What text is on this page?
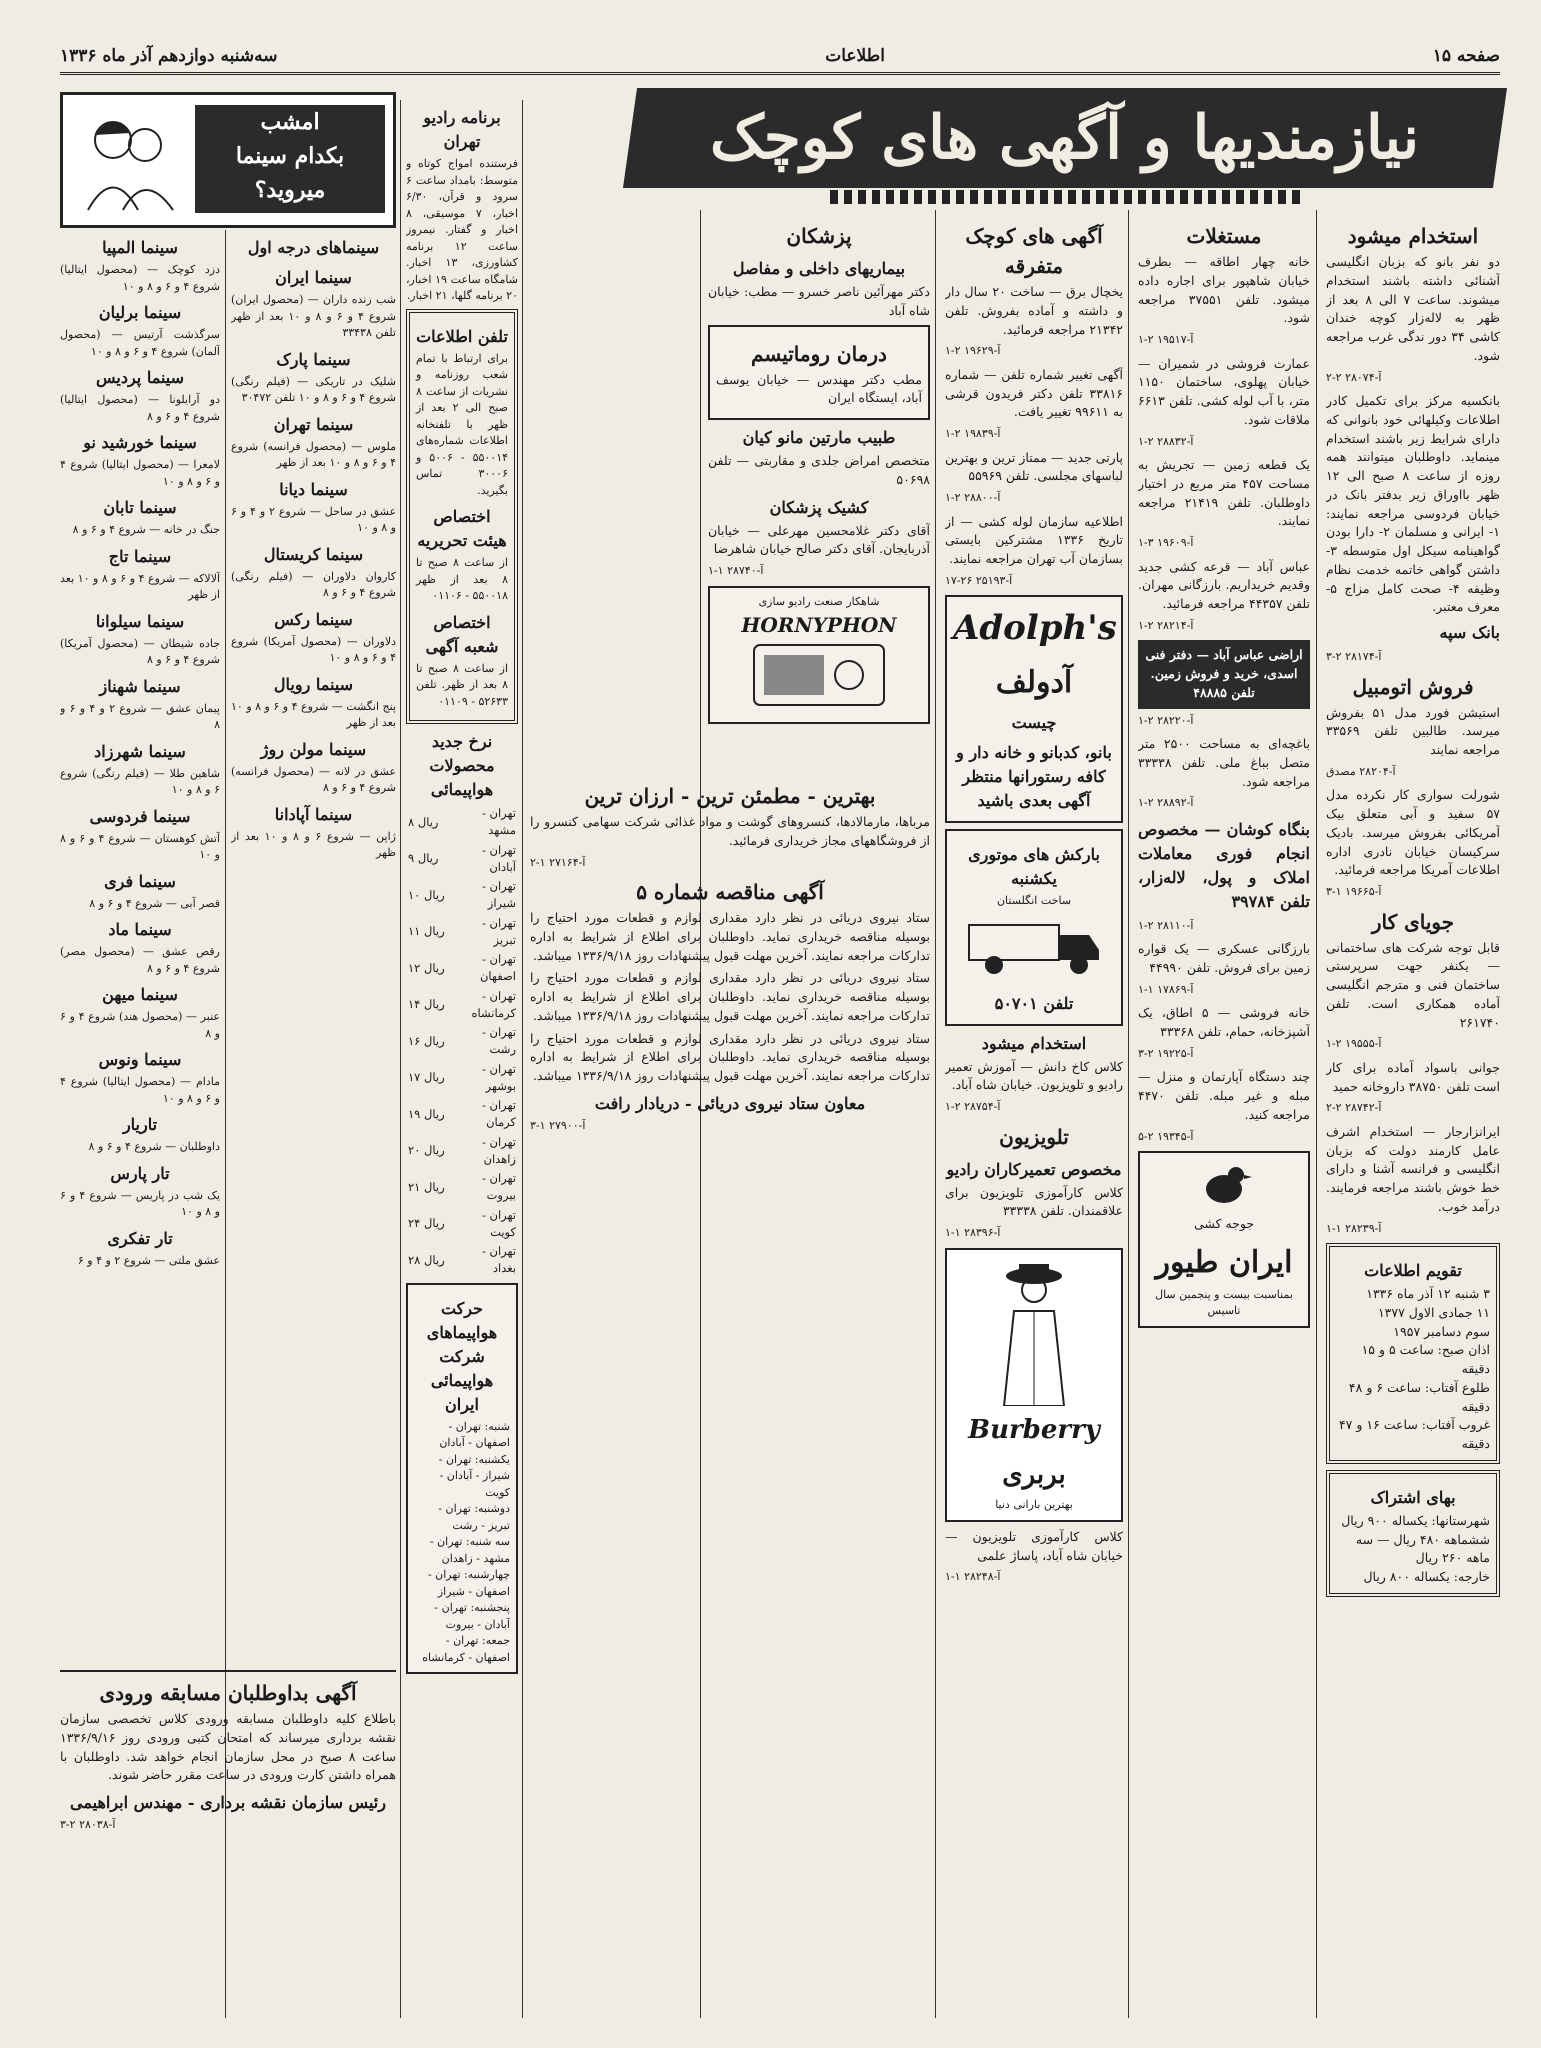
صفحه ۱۵
اطلاعات
سه‌شنبه دوازدهم آذر ماه ۱۳۳۶
نیازمندیها و آگهی های کوچک
امشب
بکدام سینما
میروید؟
استخدام میشود

دو نفر بانو که بزبان انگلیسی آشنائی داشته باشند استخدام میشوند. ساعت ۷ الی ۸ بعد از ظهر به لاله‌زار کوچه خندان کاشی ۳۴ دور ندگی غرب مراجعه شود.

آ-۲۸۰۷۴ ۲-۲

بانکسیه مرکز برای تکمیل کادر اطلاعات وکیلهائی خود بانوانی که دارای شرایط زیر باشند استخدام مینماید. داوطلبان میتوانند همه روزه از ساعت ۸ صبح الی ۱۲ ظهر بااوراق زیر بدفتر بانک در خیابان فردوسی مراجعه نمایند: ۱- ایرانی و مسلمان ۲- دارا بودن گواهینامه سیکل اول متوسطه ۳- داشتن گواهی خاتمه خدمت نظام وظیفه ۴- صحت کامل مزاج ۵- معرف معتبر.

بانک سپه

آ-۲۸۱۷۴ ۲-۳
فروش اتومبیل

استیشن فورد مدل ۵۱ بفروش میرسد. طالبین تلفن ۳۳۵۶۹ مراجعه نمایند

آ-۲۸۲۰۴ مصدق

شورلت سواری کار نکرده مدل ۵۷ سفید و آبی متعلق بیک آمریکائی بفروش میرسد. بادیک سرکیسان خیابان نادری اداره اطلاعات آمریکا مراجعه فرمائید.

آ-۱۹۶۶۵ ۱-۳
جویای کار

قابل توجه شرکت های ساختمانی — یکنفر جهت سرپرستی ساختمان فنی و مترجم انگلیسی آماده همکاری است. تلفن ۲۶۱۷۴۰

آ-۱۹۵۵۵ ۲-۱

جوانی باسواد آماده برای کار است تلفن ۳۸۷۵۰ داروخانه حمید

آ-۲۸۷۴۲ ۲-۲

ایرانزارجار — استخدام اشرف عامل کارمند دولت که بزبان انگلیسی و فرانسه آشنا و دارای خط خوش باشند مراجعه فرمایند. درآمد خوب.

آ-۲۸۲۳۹ ۱-۱
تقویم اطلاعات
۳ شنبه ۱۲ آذر ماه ۱۳۳۶
۱۱ جمادی الاول ۱۳۷۷
سوم دسامبر ۱۹۵۷
اذان صبح: ساعت ۵ و ۱۵ دقیقه
طلوع آفتاب: ساعت ۶ و ۴۸ دقیقه
غروب آفتاب: ساعت ۱۶ و ۴۷ دقیقه
بهای اشتراک
شهرستانها: یکساله ۹۰۰ ریال
ششماهه ۴۸۰ ریال — سه ماهه ۲۶۰ ریال
خارجه: یکساله ۸۰۰ ریال
مستغلات

خانه چهار اطاقه — بطرف خیابان شاهپور برای اجاره داده میشود. تلفن ۳۷۵۵۱ مراجعه شود.

آ-۱۹۵۱۷ ۲-۱

عمارت فروشی در شمیران — خیابان پهلوی، ساختمان ۱۱۵۰ متر، با آب لوله کشی. تلفن ۶۶۱۳ ملاقات شود.

آ-۲۸۸۳۲ ۲-۱

یک قطعه زمین — تجریش به مساحت ۴۵۷ متر مربع در اختیار داوطلبان. تلفن ۲۱۴۱۹ مراجعه نمایند.

آ-۱۹۶۰۹ ۳-۱

عباس آباد — قرعه کشی جدید وقدیم خریداریم. بارزگانی مهران. تلفن ۴۴۳۵۷ مراجعه فرمائید.

آ-۲۸۲۱۴ ۲-۱
اراضی عباس آباد — دفتر فنی اسدی، خرید و فروش زمین. تلفن ۴۸۸۸۵
آ-۲۸۲۲۰ ۲-۱

باغچه‌ای به مساحت ۲۵۰۰ متر متصل بباغ ملی. تلفن ۳۳۳۳۸ مراجعه شود.

آ-۲۸۸۹۲ ۲-۱

بنگاه کوشان — مخصوص انجام فوری معاملات املاک و پول، لاله‌زار، تلفن ۳۹۷۸۴

آ-۲۸۱۱۰ ۲-۱

بارزگانی عسکری — یک قواره زمین برای فروش. تلفن ۴۴۹۹۰

آ-۱۷۸۶۹ ۱-۱

خانه فروشی — ۵ اطاق، یک آشپزخانه، حمام، تلفن ۳۳۳۶۸

آ-۱۹۲۲۵ ۲-۳

چند دستگاه آپارتمان و منزل — مبله و غیر مبله. تلفن ۴۴۷۰ مراجعه کنید.

آ-۱۹۳۴۵ ۲-۵
جوجه کشی
ایران طیور
بمناسبت بیست و پنجمین سال تاسیس
آگهی های کوچک متفرقه

یخچال برق — ساخت ۲۰ سال دار و داشته و آماده بفروش. تلفن ۲۱۳۴۲ مراجعه فرمائید.

آ-۱۹۶۲۹ ۲-۱

آگهی تغییر شماره تلفن — شماره ۳۳۸۱۶ تلفن دکتر فریدون قرشی به ۹۹۶۱۱ تغییر یافت.

آ-۱۹۸۳۹ ۲-۱

پارتی جدید — ممتاز ترین و بهترین لباسهای مجلسی. تلفن ۵۵۹۶۹

آ-۲۸۸۰۰ ۲-۱

اطلاعیه سازمان لوله کشی — از تاریخ ۱۳۳۶ مشترکین بایستی بسازمان آب تهران مراجعه نمایند.

آ-۲۵۱۹۳ ۲۶-۱۷
Adolph's
آدولف
چیست
بانو، کدبانو و خانه دار و کافه رستورانها منتظر آگهی بعدی باشید
بارکش های موتوری یکشنبه
ساخت انگلستان
تلفن ۵۰۷۰۱
استخدام میشود

کلاس کاخ دانش — آموزش تعمیر رادیو و تلویزیون. خیابان شاه آباد.

آ-۲۸۷۵۴ ۲-۱
تلویزیون
مخصوص تعمیرکاران رادیو

کلاس کارآموزی تلویزیون برای علاقمندان. تلفن ۳۳۳۳۸

آ-۲۸۳۹۶ ۱-۱
Burberry
بربری
بهترین بارانی دنیا

کلاس کارآموزی تلویزیون — خیابان شاه آباد، پاساژ علمی

آ-۲۸۲۴۸ ۱-۱
پزشکان
بیماریهای داخلی و مفاصل

دکتر مهرآئین ناصر خسرو — مطب: خیابان شاه آباد

درمان روماتیسم

مطب دکتر مهندس — خیابان یوسف آباد، ایستگاه ایران

طبیب مارتین مانو کیان

متخصص امراض جلدی و مقاربتی — تلفن ۵۰۶۹۸

کشیک پزشکان

آقای دکتر غلامحسین مهرعلی — خیابان آذربایجان. آقای دکتر صالح خیابان شاهرضا

آ-۲۸۷۴۰ ۱-۱
شاهکار صنعت رادیو سازی
HORNYPHON
بهترین - مطمئن ترین - ارزان ترین

مرباها، مارمالادها، کنسروهای گوشت و مواد غذائی شرکت سهامی کنسرو را از فروشگاههای مجاز خریداری فرمائید.

آ-۲۷۱۶۴ ۱-۲
آگهی مناقصه شماره ۵

ستاد نیروی دریائی در نظر دارد مقداری لوازم و قطعات مورد احتیاج را بوسیله مناقصه خریداری نماید. داوطلبان برای اطلاع از شرایط به اداره تدارکات مراجعه نمایند. آخرین مهلت قبول پیشنهادات روز ۱۳۳۶/۹/۱۸ میباشد.

ستاد نیروی دریائی در نظر دارد مقداری لوازم و قطعات مورد احتیاج را بوسیله مناقصه خریداری نماید. داوطلبان برای اطلاع از شرایط به اداره تدارکات مراجعه نمایند. آخرین مهلت قبول پیشنهادات روز ۱۳۳۶/۹/۱۸ میباشد.

ستاد نیروی دریائی در نظر دارد مقداری لوازم و قطعات مورد احتیاج را بوسیله مناقصه خریداری نماید. داوطلبان برای اطلاع از شرایط به اداره تدارکات مراجعه نمایند. آخرین مهلت قبول پیشنهادات روز ۱۳۳۶/۹/۱۸ میباشد.

معاون ستاد نیروی دریائی - دریادار رافت
آ-۲۷۹۰۰ ۱-۳
برنامه رادیو تهران

فرستنده امواج کوتاه و متوسط: بامداد ساعت ۶ سرود و قرآن، ۶/۳۰ اخبار، ۷ موسیقی، ۸ اخبار و گفتار. نیمروز ساعت ۱۲ برنامه کشاورزی، ۱۳ اخبار. شامگاه ساعت ۱۹ اخبار، ۲۰ برنامه گلها، ۲۱ اخبار.

تلفن اطلاعات

برای ارتباط با تمام شعب روزنامه و نشریات از ساعت ۸ صبح الی ۲ بعد از ظهر با تلفنخانه اطلاعات شماره‌های ۵۵۰۰۱۴ - ۵۰۰۶ و ۳۰۰۰۶ تماس بگیرید.

اختصاص هیئت تحریریه

از ساعت ۸ صبح تا ۸ بعد از ظهر ۵۵۰۰۱۸ - ۰۱۱۰۶

اختصاص شعبه آگهی

از ساعت ۸ صبح تا ۸ بعد از ظهر. تلفن ۵۲۶۳۳ - ۰۱۱۰۹

نرخ جدید محصولات هواپیمائی
تهران - مشهد	۸ ریال
تهران - آبادان	۹ ریال
تهران - شیراز	۱۰ ریال
تهران - تبریز	۱۱ ریال
تهران - اصفهان	۱۲ ریال
تهران - کرمانشاه	۱۴ ریال
تهران - رشت	۱۶ ریال
تهران - بوشهر	۱۷ ریال
تهران - کرمان	۱۹ ریال
تهران - زاهدان	۲۰ ریال
تهران - بیروت	۲۱ ریال
تهران - کویت	۲۴ ریال
تهران - بغداد	۲۸ ریال
حرکت هواپیماهای شرکت هواپیمائی ایران
شنبه: تهران - اصفهان - آبادان
یکشنبه: تهران - شیراز - آبادان - کویت
دوشنبه: تهران - تبریز - رشت
سه شنبه: تهران - مشهد - زاهدان
چهارشنبه: تهران - اصفهان - شیراز
پنجشنبه: تهران - آبادان - بیروت
جمعه: تهران - اصفهان - کرمانشاه
سینماهای درجه اول
سینما ایران

شب زنده داران — (محصول ایران) شروع ۴ و ۶ و ۸ و ۱۰ بعد از ظهر تلفن ۳۳۴۳۸

سینما پارک

شلیک در تاریکی — (فیلم رنگی) شروع ۴ و ۶ و ۸ و ۱۰ تلفن ۳۰۴۷۲

سینما تهران

ملوس — (محصول فرانسه) شروع ۴ و ۶ و ۸ و ۱۰ بعد از ظهر

سینما دیانا

عشق در ساحل — شروع ۲ و ۴ و ۶ و ۸ و ۱۰

سینما کریستال

کاروان دلاوران — (فیلم رنگی) شروع ۴ و ۶ و ۸

سینما رکس

دلاوران — (محصول آمریکا) شروع ۴ و ۶ و ۸ و ۱۰

سینما رویال

پنج انگشت — شروع ۴ و ۶ و ۸ و ۱۰ بعد از ظهر

سینما مولن روژ

عشق در لانه — (محصول فرانسه) شروع ۴ و ۶ و ۸

سینما آپادانا

ژاپن — شروع ۶ و ۸ و ۱۰ بعد از ظهر

سینما المپیا

دزد کوچک — (محصول ایتالیا) شروع ۴ و ۶ و ۸ و ۱۰

سینما برلیان

سرگذشت آرتیس — (محصول آلمان) شروع ۴ و ۶ و ۸ و ۱۰

سینما پردیس

دو آرایلونا — (محصول ایتالیا) شروع ۴ و ۶ و ۸

سینما خورشید نو

لامعرا — (محصول ایتالیا) شروع ۴ و ۶ و ۸ و ۱۰

سینما تابان

جنگ در خانه — شروع ۴ و ۶ و ۸

سینما تاج

آلالاکه — شروع ۴ و ۶ و ۸ و ۱۰ بعد از ظهر

سینما سیلوانا

جاده شیطان — (محصول آمریکا) شروع ۴ و ۶ و ۸

سینما شهناز

پیمان عشق — شروع ۲ و ۴ و ۶ و ۸

سینما شهرزاد

شاهین طلا — (فیلم رنگی) شروع ۶ و ۸ و ۱۰

سینما فردوسی

آتش کوهستان — شروع ۴ و ۶ و ۸ و ۱۰

سینما فری

قصر آبی — شروع ۴ و ۶ و ۸

سینما ماد

رقص عشق — (محصول مصر) شروع ۴ و ۶ و ۸

سینما میهن

عنبر — (محصول هند) شروع ۴ و ۶ و ۸

سینما ونوس

مادام — (محصول ایتالیا) شروع ۴ و ۶ و ۸ و ۱۰

تاریار

داوطلبان — شروع ۴ و ۶ و ۸

تار پارس

یک شب در پاریس — شروع ۴ و ۶ و ۸ و ۱۰

تار تفکری

عشق ملتی — شروع ۲ و ۴ و ۶

آگهی بداوطلبان مسابقه ورودی

باطلاع کلیه داوطلبان مسابقه ورودی کلاس تخصصی سازمان نقشه برداری میرساند که امتحان کتبی ورودی روز ۱۳۳۶/۹/۱۶ ساعت ۸ صبح در محل سازمان انجام خواهد شد. داوطلبان با همراه داشتن کارت ورودی در ساعت مقرر حاضر شوند.

رئیس سازمان نقشه برداری - مهندس ابراهیمی
آ-۲۸۰۳۸ ۲-۳
